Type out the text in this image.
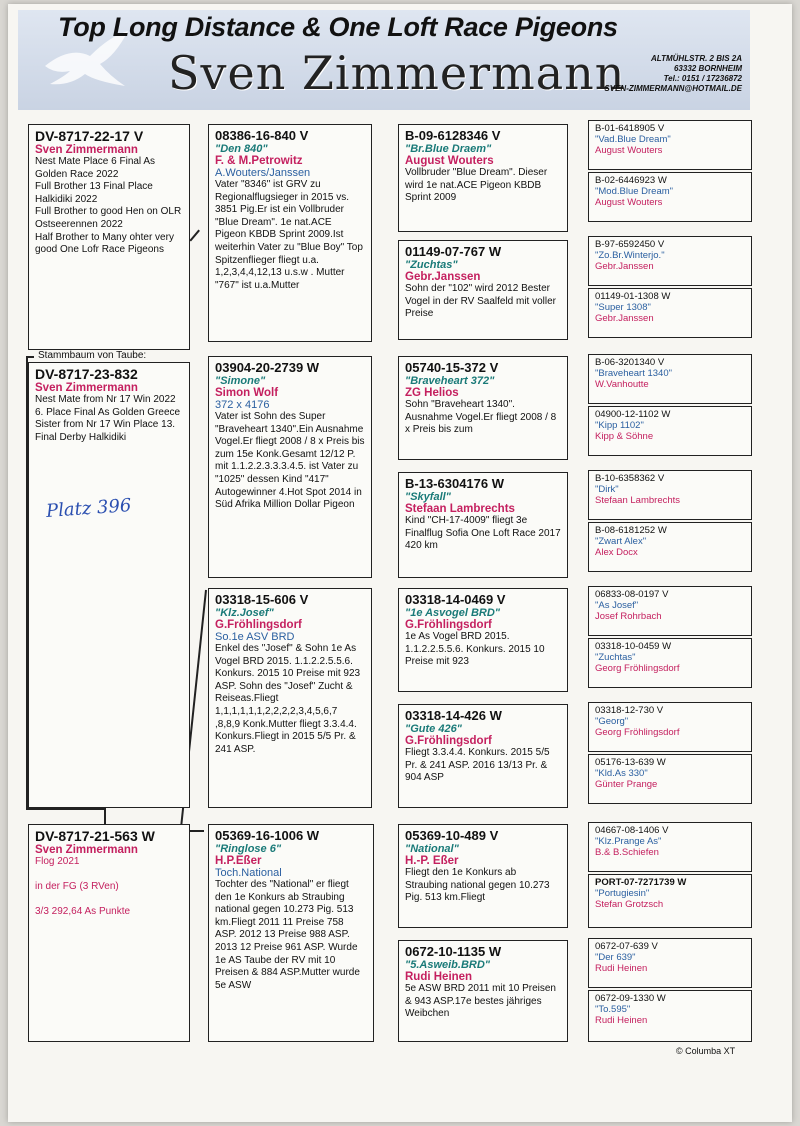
Top Long Distance & One Loft Race Pigeons
Sven Zimmermann	ALTMÜHLSTR. 2 BIS 2A
63332 BORNHEIM
Tel.: 0151 / 17236872
SVEN-ZIMMERMANN@HOTMAIL.DE
Stammbaum von Taube:
DV-8717-22-17 V
Sven Zimmermann
Nest Mate Place 6 Final As Golden Race 2022
Full Brother 13 Final Place Halkidiki 2022
Full Brother to good Hen on OLR Ostseerennen 2022
Half Brother to Many ohter very good One Lofr Race Pigeons
DV-8717-23-832
Sven Zimmermann
Nest Mate from Nr 17 Win 2022 6. Place Final As Golden Greece
Sister from Nr 17 Win Place 13. Final Derby Halkidiki
Platz 396
DV-8717-21-563 W
Sven Zimmermann
Flog 2021

in der FG (3 RVen)

3/3 292,64 As Punkte
08386-16-840 V
"Den 840"
F. & M.Petrowitz
A.Wouters/Janssen
Vater "8346" ist GRV zu Regionalflugsieger in 2015 vs. 3851 Pig.Er ist ein Vollbruder "Blue Dream". 1e nat.ACE Pigeon KBDB Sprint 2009.Ist weiterhin Vater zu "Blue Boy" Top Spitzenflieger fliegt u.a. 1,2,3,4,4,12,13 u.s.w . Mutter "767" ist u.a.Mutter
03904-20-2739 W
"Simone"
Simon Wolf
372 x 4176
Vater ist Sohn des Super "Braveheart 1340".Ein Ausnahme Vogel.Er fliegt 2008 / 8 x Preis bis zum 15e Konk.Gesamt 12/12 P. mit 1.1.2.2.3.3.3.4.5. ist Vater zu "1025" dessen Kind "417" Autogewinner 4.Hot Spot 2014 in Süd Afrika Million Dollar Pigeon
03318-15-606 V
"Klz.Josef"
G.Fröhlingsdorf
So.1e ASV BRD
Enkel des "Josef" & Sohn 1e As Vogel BRD 2015. 1.1.2.2.5.5.6. Konkurs. 2015 10 Preise mit 923 ASP. Sohn des "Josef" Zucht & Reiseas.Fliegt 1,1,1,1,1,1,2,2,2,2,3,4,5,6,7 ,8,8,9 Konk.Mutter fliegt 3.3.4.4. Konkurs.Fliegt in 2015 5/5 Pr. & 241 ASP.
05369-16-1006 W
"Ringlose 6"
H.P.Eßer
Toch.National
Tochter des "National" er fliegt den 1e Konkurs ab Straubing national gegen 10.273 Pig. 513 km.Fliegt 2011 11 Preise 758 ASP. 2012 13 Preise 988 ASP. 2013 12 Preise 961 ASP. Wurde 1e AS Taube der RV mit 10 Preisen & 884 ASP.Mutter wurde 5e ASW
B-09-6128346 V
"Br.Blue Draem"
August Wouters
Vollbruder "Blue Dream". Dieser wird 1e nat.ACE Pigeon KBDB Sprint 2009
01149-07-767 W
"Zuchtas"
Gebr.Janssen
Sohn der "102" wird 2012 Bester Vogel in der RV Saalfeld mit voller Preise
05740-15-372 V
"Braveheart 372"
ZG Helios
Sohn "Braveheart 1340". Ausnahme Vogel.Er fliegt 2008 / 8 x Preis bis zum
B-13-6304176 W
"Skyfall"
Stefaan Lambrechts
Kind "CH-17-4009" fliegt 3e Finalflug Sofia One Loft Race 2017 420 km
03318-14-0469 V
"1e Asvogel BRD"
G.Fröhlingsdorf
1e As Vogel BRD 2015. 1.1.2.2.5.5.6. Konkurs. 2015 10 Preise mit 923
03318-14-426 W
"Gute 426"
G.Fröhlingsdorf
Fliegt 3.3.4.4. Konkurs. 2015 5/5 Pr. & 241 ASP. 2016 13/13 Pr. & 904 ASP
05369-10-489 V
"National"
H.-P. Eßer
Fliegt den 1e Konkurs ab Straubing national gegen 10.273 Pig. 513 km.Fliegt
0672-10-1135 W
"5.Asweib.BRD"
Rudi Heinen
5e ASW BRD 2011 mit 10 Preisen & 943 ASP.17e bestes jähriges Weibchen
B-01-6418905 V
"Vad.Blue Dream"
August Wouters
B-02-6446923 W
"Mod.Blue Dream"
August Wouters
B-97-6592450 V
"Zo.Br.Winterjo."
Gebr.Janssen
01149-01-1308 W
"Super 1308"
Gebr.Janssen
B-06-3201340 V
"Braveheart 1340"
W.Vanhoutte
04900-12-1102 W
"Kipp 1102"
Kipp & Söhne
B-10-6358362 V
"Dirk"
Stefaan Lambrechts
B-08-6181252 W
"Zwart Alex"
Alex Docx
06833-08-0197 V
"As Josef"
Josef Rohrbach
03318-10-0459 W
"Zuchtas"
Georg Fröhlingsdorf
03318-12-730 V
"Georg"
Georg Fröhlingsdorf
05176-13-639 W
"Kld.As 330"
Günter Prange
04667-08-1406 V
"Klz.Prange As"
B.& B.Schiefen
PORT-07-7271739 W
"Portugiesin"
Stefan Grotzsch
0672-07-639 V
"Der 639"
Rudi Heinen
0672-09-1330 W
"To.595"
Rudi Heinen
© Columba XT
